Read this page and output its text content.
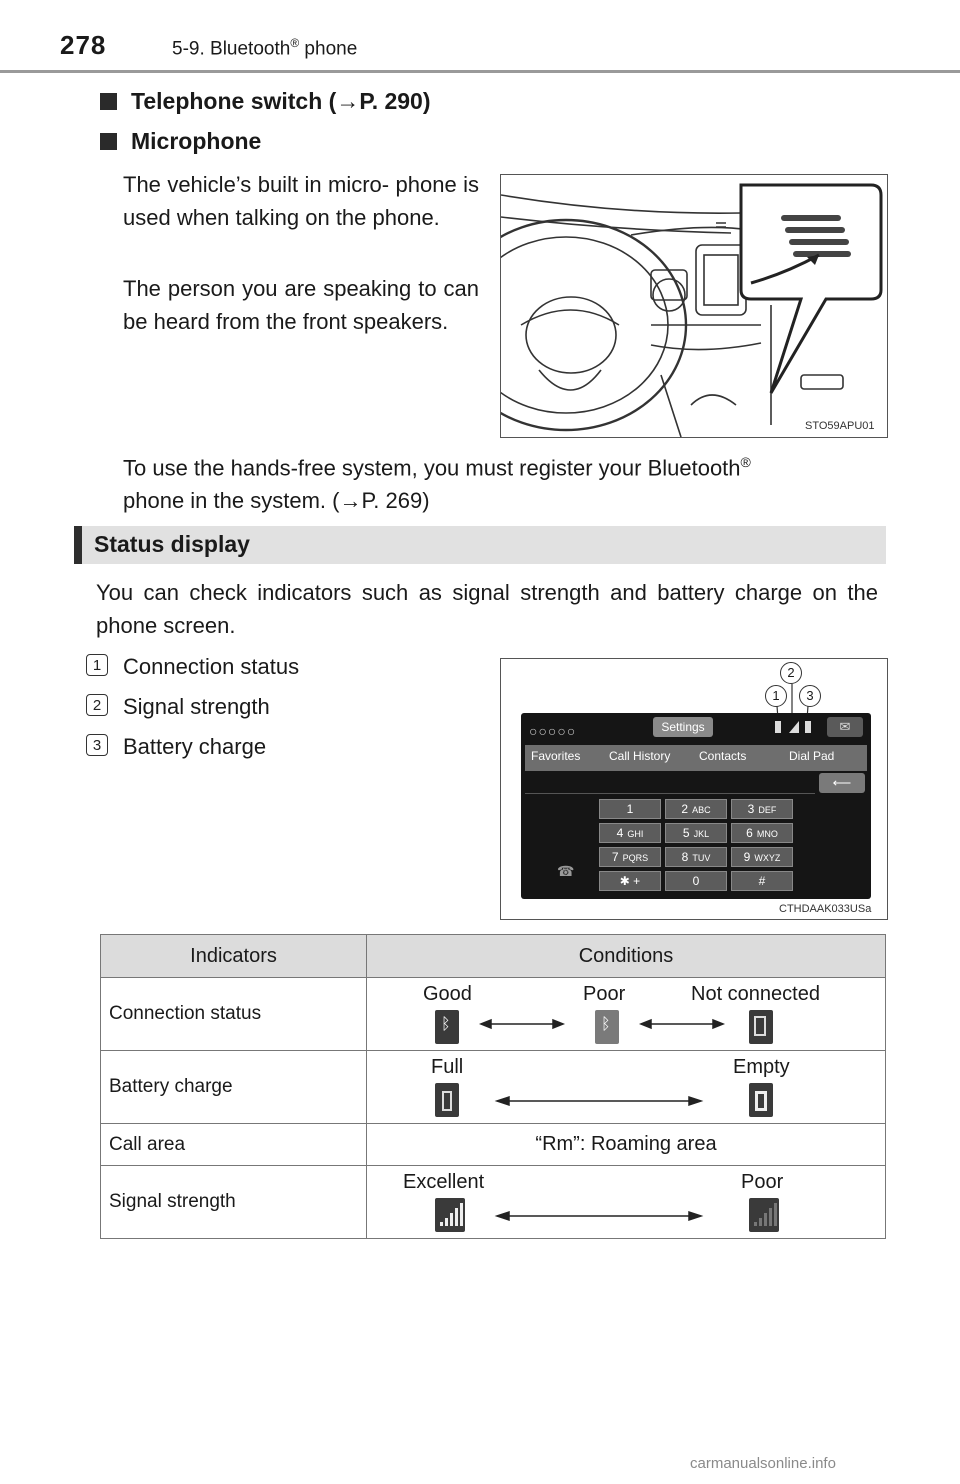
278	5-9. Bluetooth® phone
Telephone switch (→P. 290)
Microphone
The vehicle’s built in micro- phone is used when talking on the phone.
The person you are speaking to can be heard from the front speakers.
STO59APU01
To use the hands-free system, you must register your Bluetooth®
phone in the system. (→P. 269)
Status display
You can check indicators such as signal strength and battery charge on the phone screen.
1 Connection status
2 Signal strength
3 Battery charge
2
1	3
○○○○○	Settings	✉
Favorites Call History Contacts	Dial Pad
⟵
☎
1	2 ABC	3 DEF
4 GHI	5 JKL	6 MNO
7 PQRS	8 TUV	9 WXYZ
✱ +	0	#
CTHDAAK033USa
Indicators	Conditions
Connection status	Good Poor Not connected
ᛒ ᛒ

Battery charge	Full Empty

Call area	“Rm”: Roaming area
Signal strength	Excellent Poor
carmanualsonline.info
